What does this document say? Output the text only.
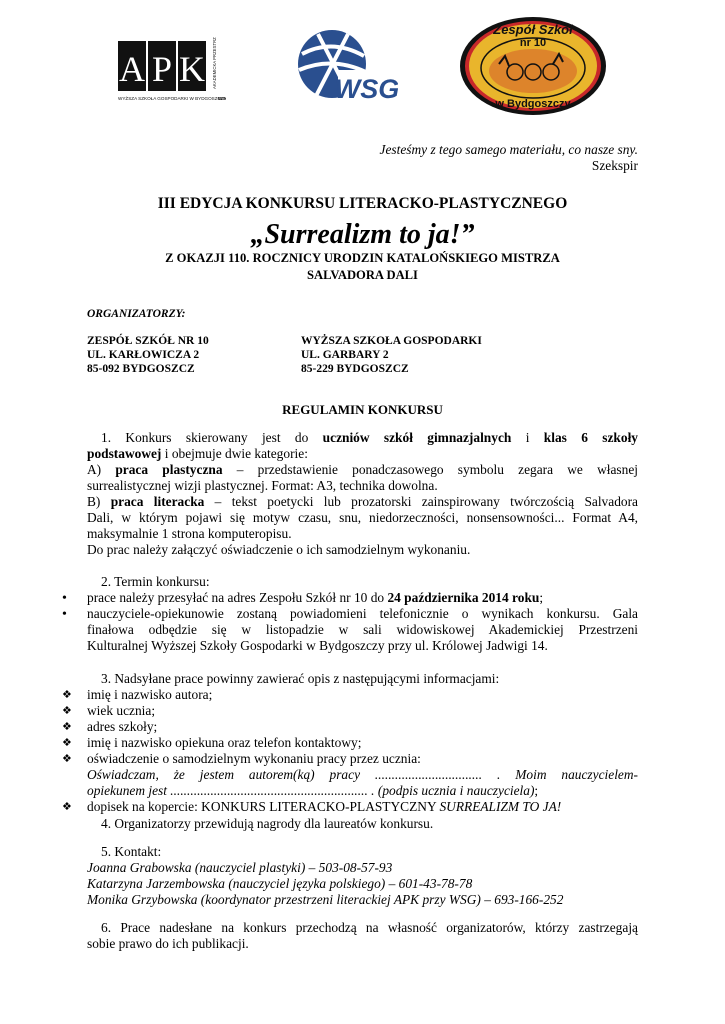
A P K AKADEMICKA PRZESTRZEŃ KULTURALNA
WYŻSZA SZKOŁA GOSPODARKI W BYDGOSZCZY
WS	WSG
Zespół Szkół
nr 10
w Bydgoszczy
Jesteśmy z tego samego materiału, co nasze sny.
Szekspir
III EDYCJA KONKURSU LITERACKO-PLASTYCZNEGO
„Surrealizm to ja!”
Z OKAZJI 110. ROCZNICY URODZIN KATALOŃSKIEGO MISTRZA
SALVADORA DALI
ORGANIZATORZY:
ZESPÓŁ SZKÓŁ NR 10
UL. KARŁOWICZA 2
85-092 BYDGOSZCZ
WYŻSZA SZKOŁA GOSPODARKI
UL. GARBARY 2
85-229 BYDGOSZCZ
REGULAMIN KONKURSU
1. Konkurs skierowany jest do uczniów szkół gimnazjalnych i klas 6 szkoły
podstawowej i obejmuje dwie kategorie:
A) praca plastyczna – przedstawienie ponadczasowego symbolu zegara we własnej
surrealistycznej wizji plastycznej. Format: A3, technika dowolna.
B) praca literacka – tekst poetycki lub prozatorski zainspirowany twórczością Salvadora
Dali, w którym pojawi się motyw czasu, snu, niedorzeczności, nonsensowności... Format A4,
maksymalnie 1 strona komputeropisu.
Do prac należy załączyć oświadczenie o ich samodzielnym wykonaniu.
2. Termin konkursu:
•
prace należy przesyłać na adres Zespołu Szkół nr 10 do 24 października 2014 roku;
•
nauczyciele-opiekunowie zostaną powiadomieni telefonicznie o wynikach konkursu. Gala
finałowa odbędzie się w listopadzie w sali widowiskowej Akademickiej Przestrzeni
Kulturalnej Wyższej Szkoły Gospodarki w Bydgoszczy przy ul. Królowej Jadwigi 14.
3. Nadsyłane prace powinny zawierać opis z następującymi informacjami:
❖	imię i nazwisko autora;
❖	wiek ucznia;
❖	adres szkoły;
❖	imię i nazwisko opiekuna oraz telefon kontaktowy;
❖	oświadczenie o samodzielnym wykonaniu pracy przez ucznia:
Oświadczam, że jestem autorem(ką) pracy ................................ . Moim nauczycielem-
opiekunem jest ........................................................... . (podpis ucznia i nauczyciela);
❖	dopisek na kopercie: KONKURS LITERACKO-PLASTYCZNY SURREALIZM TO JA!
4. Organizatorzy przewidują nagrody dla laureatów konkursu.
5. Kontakt:
Joanna Grabowska (nauczyciel plastyki) – 503-08-57-93
Katarzyna Jarzembowska (nauczyciel języka polskiego) – 601-43-78-78
Monika Grzybowska (koordynator przestrzeni literackiej APK przy WSG) – 693-166-252
6. Prace nadesłane na konkurs przechodzą na własność organizatorów, którzy zastrzegają
sobie prawo do ich publikacji.
